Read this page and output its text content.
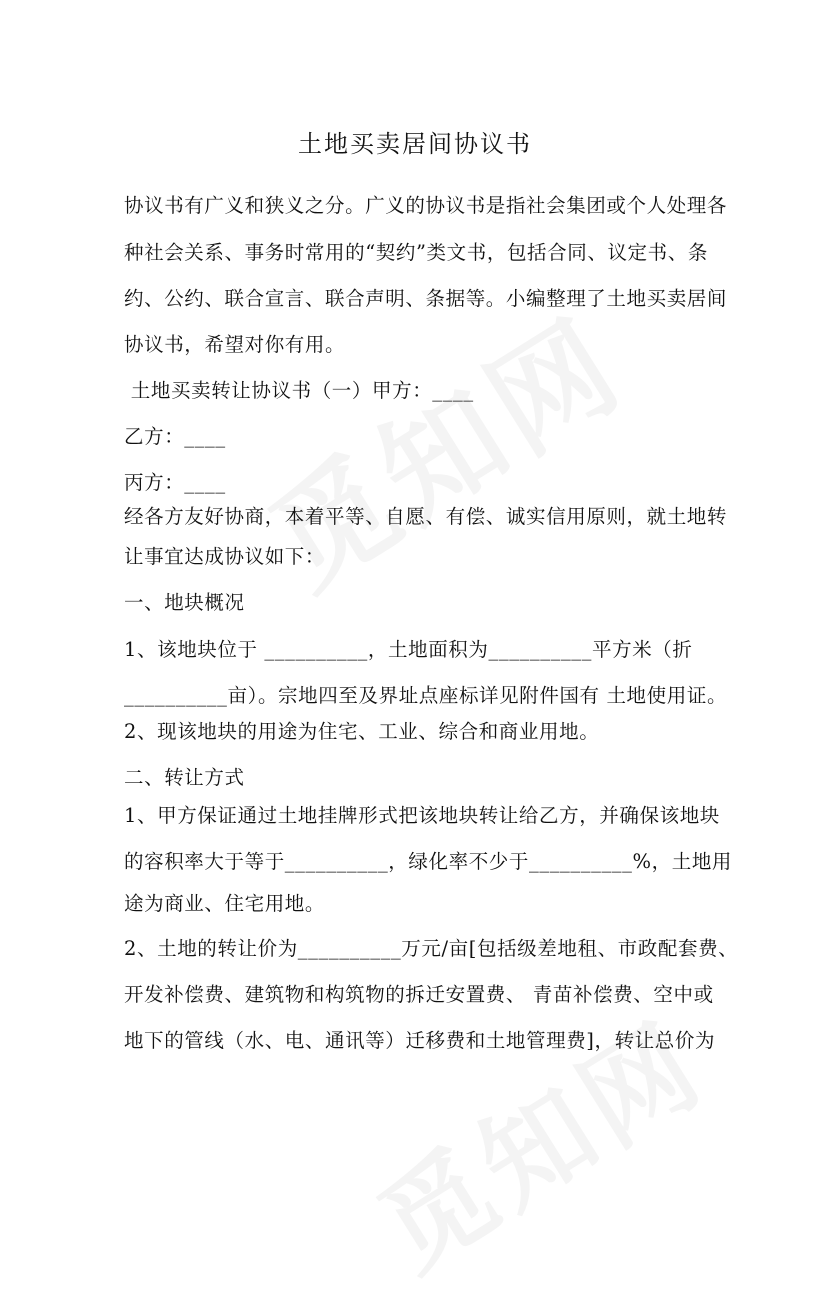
土地买卖居间协议书
协议书有广义和狭义之分。广义的协议书是指社会集团或个人处理各
种社会关系、事务时常用的“契约”类文书，包括合同、议定书、条
约、公约、联合宣言、联合声明、条据等。小编整理了土地买卖居间
协议书，希望对你有用。
土地买卖转让协议书（一）甲方：____
乙方：____
丙方：____
经各方友好协商，本着平等、自愿、有偿、诚实信用原则，就土地转
让事宜达成协议如下：
一、地块概况
1、该地块位于 __________，土地面积为__________平方米（折
__________亩）。宗地四至及界址点座标详见附件国有 土地使用证。
2、现该地块的用途为住宅、工业、综合和商业用地。
二、转让方式
1、甲方保证通过土地挂牌形式把该地块转让给乙方，并确保该地块
的容积率大于等于__________，绿化率不少于__________%，土地用
途为商业、住宅用地。
2、土地的转让价为__________万元/亩[包括级差地租、市政配套费、
开发补偿费、建筑物和构筑物的拆迁安置费、 青苗补偿费、空中或
地下的管线（水、电、通讯等）迁移费和土地管理费]，转让总价为
